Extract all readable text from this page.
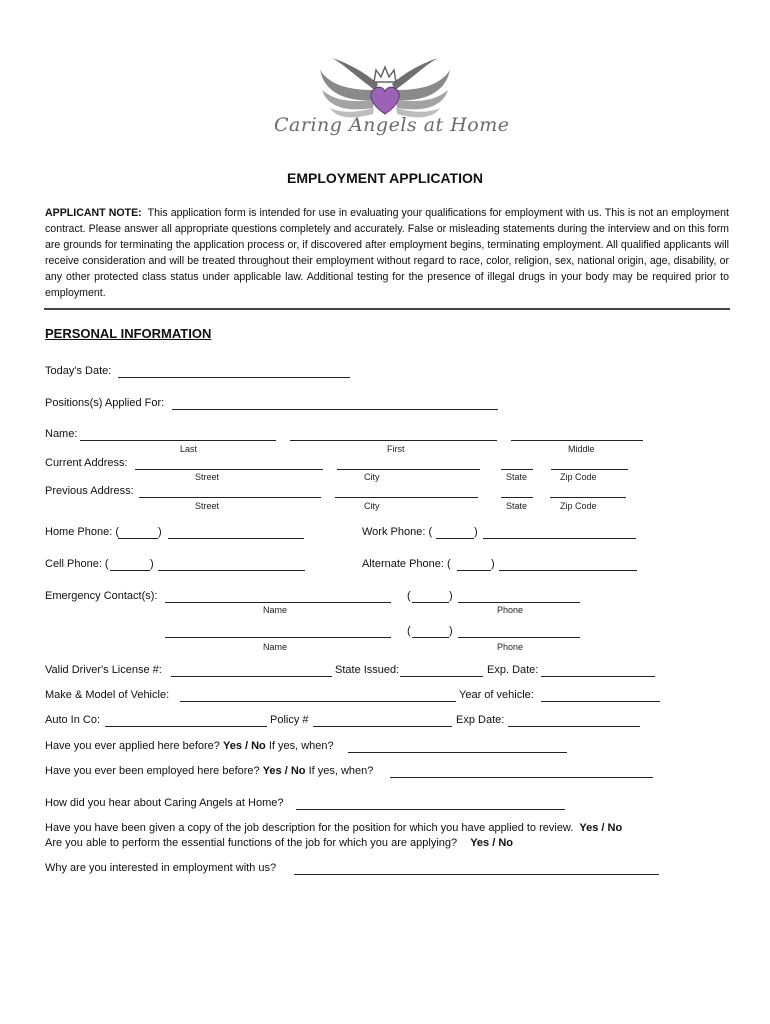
Caring Angels at Home
EMPLOYMENT APPLICATION
APPLICANT NOTE: This application form is intended for use in evaluating your qualifications for employment with us. This is not an employment contract. Please answer all appropriate questions completely and accurately. False or misleading statements during the interview and on this form are grounds for terminating the application process or, if discovered after employment begins, terminating employment. All qualified applicants will receive consideration and will be treated throughout their employment without regard to race, color, religion, sex, national origin, age, disability, or any other protected class status under applicable law. Additional testing for the presence of illegal drugs in your body may be required prior to employment.
PERSONAL INFORMATION
Today's Date:
Positions(s) Applied For:
Name:
Last	First	Middle
Current Address:
Street	City	State	Zip Code
Previous Address:
Street	City	State	Zip Code
Home Phone: (	)	Work Phone: (	)
Cell Phone: (	)	Alternate Phone: (	)
Emergency Contact(s):	(	)
Name	Phone
(	)
Name	Phone
Valid Driver's License #:	State Issued:	Exp. Date:
Make & Model of Vehicle:	Year of vehicle:
Auto In Co:	Policy #	Exp Date:
Have you ever applied here before? Yes / No If yes, when?
Have you ever been employed here before? Yes / No If yes, when?
How did you hear about Caring Angels at Home?
Have you have been given a copy of the job description for the position for which you have applied to review. Yes / No
Are you able to perform the essential functions of the job for which you are applying? Yes / No
Why are you interested in employment with us?
